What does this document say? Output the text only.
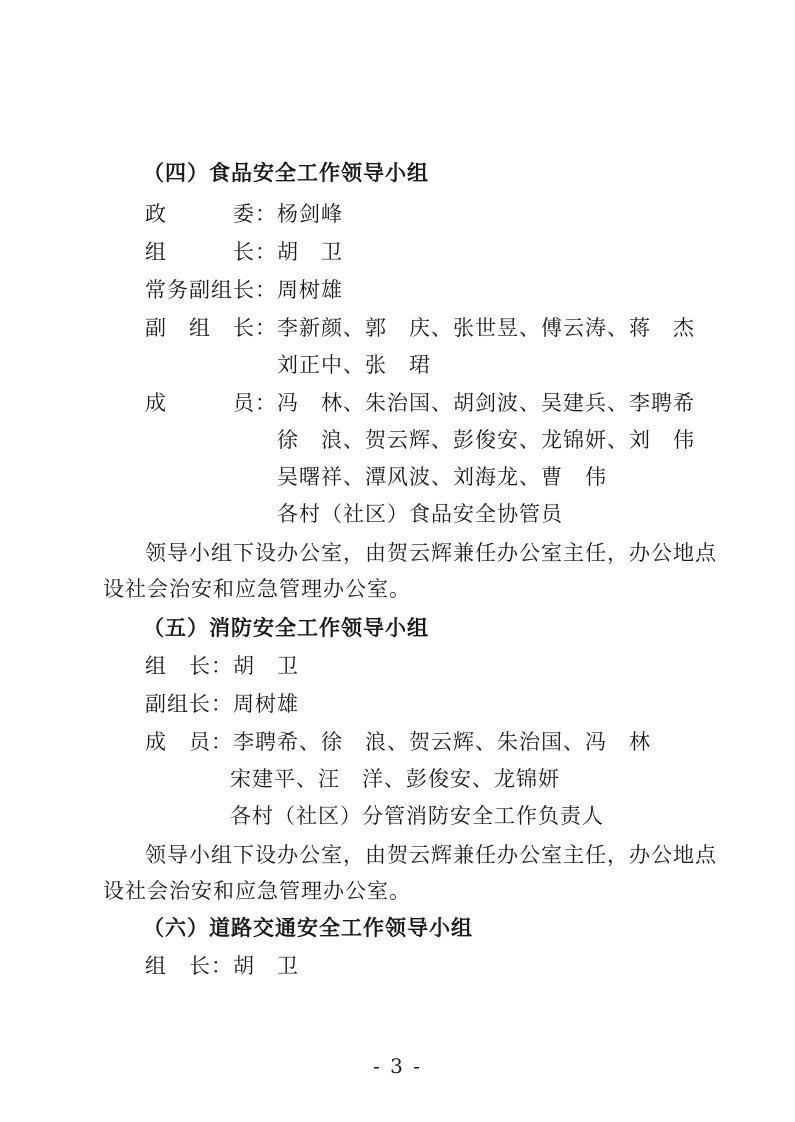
（四）食品安全工作领导小组
政　　　委：杨剑峰
组　　　长：胡　卫
常务副组长：周树雄
副　组　长：李新颜、郭　庆、张世昱、傅云涛、蒋　杰
刘正中、张　珺
成　　　员：冯　林、朱治国、胡剑波、吴建兵、李聘希
徐　浪、贺云辉、彭俊安、龙锦妍、刘　伟
吴曙祥、潭风波、刘海龙、曹　伟
各村（社区）食品安全协管员
领导小组下设办公室，由贺云辉兼任办公室主任，办公地点
设社会治安和应急管理办公室。
（五）消防安全工作领导小组
组　长：胡　卫
副组长：周树雄
成　员：李聘希、徐　浪、贺云辉、朱治国、冯　林
宋建平、汪　洋、彭俊安、龙锦妍
各村（社区）分管消防安全工作负责人
领导小组下设办公室，由贺云辉兼任办公室主任，办公地点
设社会治安和应急管理办公室。
（六）道路交通安全工作领导小组
组　长：胡　卫
- 3 -
